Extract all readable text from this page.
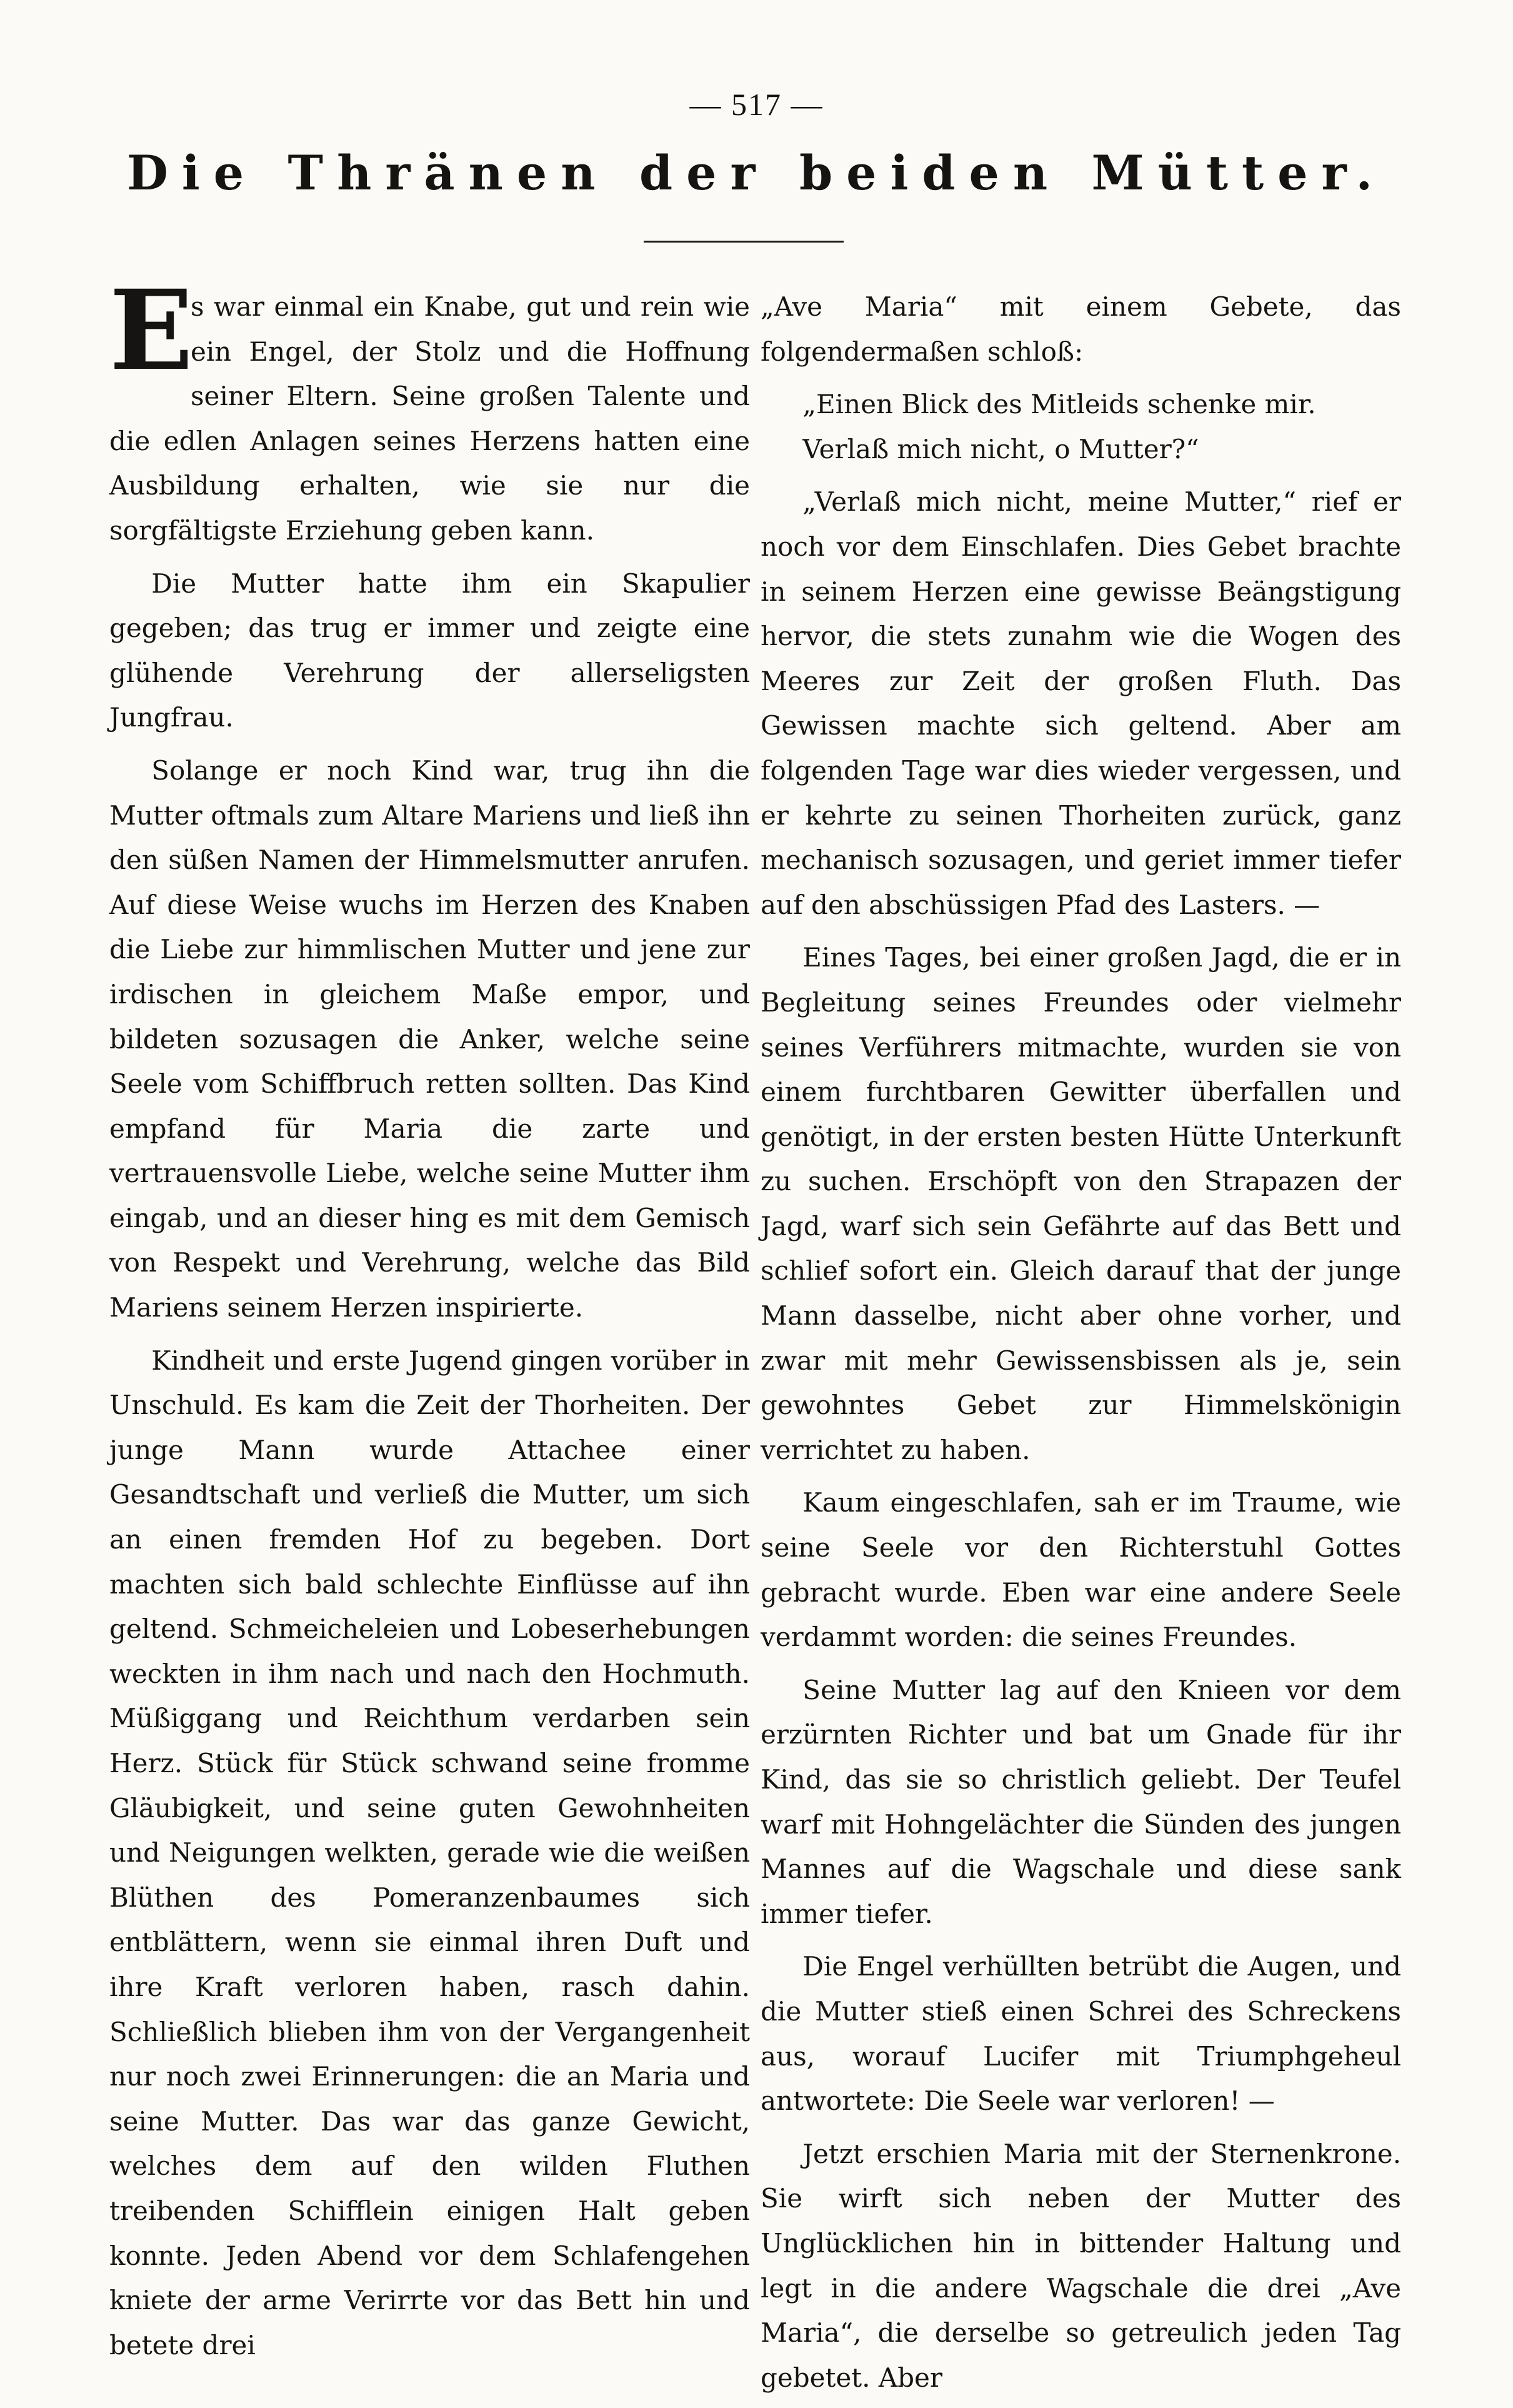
— 517 —
Die Thränen der beiden Mütter.

E
s war einmal ein Knabe, gut und rein wie ein Engel, der Stolz und die Hoffnung seiner Eltern. Seine großen Talente und die edlen Anlagen seines Herzens hatten eine Ausbildung erhalten, wie sie nur die sorgfältigste Erziehung geben kann.

Die Mutter hatte ihm ein Skapulier gegeben; das trug er immer und zeigte eine glühende Verehrung der allerseligsten Jungfrau.

Solange er noch Kind war, trug ihn die Mutter oftmals zum Altare Mariens und ließ ihn den süßen Namen der Himmelsmutter anrufen. Auf diese Weise wuchs im Herzen des Knaben die Liebe zur himmlischen Mutter und jene zur irdischen in gleichem Maße empor, und bildeten sozusagen die Anker, welche seine Seele vom Schiffbruch retten sollten. Das Kind empfand für Maria die zarte und vertrauensvolle Liebe, welche seine Mutter ihm eingab, und an dieser hing es mit dem Gemisch von Respekt und Verehrung, welche das Bild Mariens seinem Herzen inspirierte.

Kindheit und erste Jugend gingen vorüber in Unschuld. Es kam die Zeit der Thorheiten. Der junge Mann wurde Attachee einer Gesandtschaft und verließ die Mutter, um sich an einen fremden Hof zu begeben. Dort machten sich bald schlechte Einflüsse auf ihn geltend. Schmeicheleien und Lobeserhebungen weckten in ihm nach und nach den Hochmuth. Müßiggang und Reichthum verdarben sein Herz. Stück für Stück schwand seine fromme Gläubigkeit, und seine guten Gewohnheiten und Neigungen welkten, gerade wie die weißen Blüthen des Pomeranzenbaumes sich entblättern, wenn sie einmal ihren Duft und ihre Kraft verloren haben, rasch dahin. Schließlich blieben ihm von der Vergangenheit nur noch zwei Erinnerungen: die an Maria und seine Mutter. Das war das ganze Gewicht, welches dem auf den wilden Fluthen treibenden Schifflein einigen Halt geben konnte. Jeden Abend vor dem Schlafengehen kniete der arme Verirrte vor das Bett hin und betete drei

„Ave Maria“ mit einem Gebete, das folgendermaßen schloß:

„Einen Blick des Mitleids schenke mir.

Verlaß mich nicht, o Mutter?“

„Verlaß mich nicht, meine Mutter,“ rief er noch vor dem Einschlafen. Dies Gebet brachte in seinem Herzen eine gewisse Beängstigung hervor, die stets zunahm wie die Wogen des Meeres zur Zeit der großen Fluth. Das Gewissen machte sich geltend. Aber am folgenden Tage war dies wieder vergessen, und er kehrte zu seinen Thorheiten zurück, ganz mechanisch sozusagen, und geriet immer tiefer auf den abschüssigen Pfad des Lasters. —

Eines Tages, bei einer großen Jagd, die er in Begleitung seines Freundes oder vielmehr seines Verführers mitmachte, wurden sie von einem furchtbaren Gewitter überfallen und genötigt, in der ersten besten Hütte Unterkunft zu suchen. Erschöpft von den Strapazen der Jagd, warf sich sein Gefährte auf das Bett und schlief sofort ein. Gleich darauf that der junge Mann dasselbe, nicht aber ohne vorher, und zwar mit mehr Gewissensbissen als je, sein gewohntes Gebet zur Himmelskönigin verrichtet zu haben.

Kaum eingeschlafen, sah er im Traume, wie seine Seele vor den Richterstuhl Gottes gebracht wurde. Eben war eine andere Seele verdammt worden: die seines Freundes.

Seine Mutter lag auf den Knieen vor dem erzürnten Richter und bat um Gnade für ihr Kind, das sie so christlich geliebt. Der Teufel warf mit Hohngelächter die Sünden des jungen Mannes auf die Wagschale und diese sank immer tiefer.

Die Engel verhüllten betrübt die Augen, und die Mutter stieß einen Schrei des Schreckens aus, worauf Lucifer mit Triumphgeheul antwortete: Die Seele war verloren! —

Jetzt erschien Maria mit der Sternenkrone. Sie wirft sich neben der Mutter des Unglücklichen hin in bittender Haltung und legt in die andere Wagschale die drei „Ave Maria“, die derselbe so getreulich jeden Tag gebetet. Aber
